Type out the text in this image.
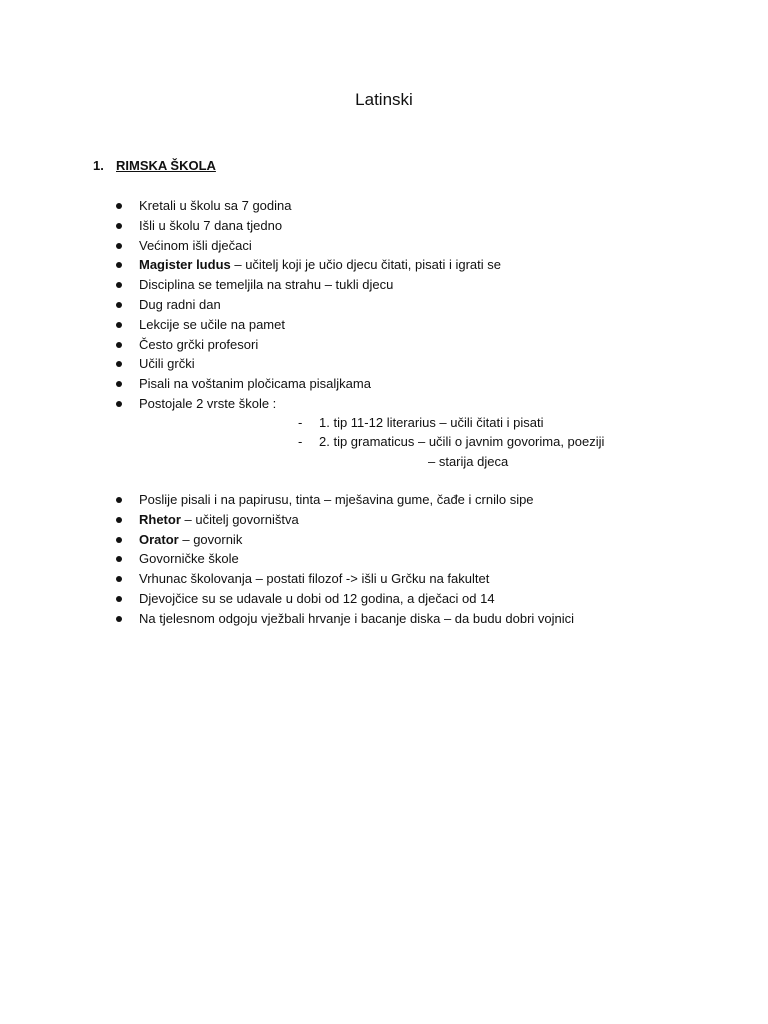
Latinski
1. RIMSKA ŠKOLA
Kretali u školu sa 7 godina
Išli u školu 7 dana tjedno
Većinom išli dječaci
Magister ludus – učitelj koji je učio djecu čitati, pisati i igrati se
Disciplina se temeljila na strahu – tukli djecu
Dug radni dan
Lekcije se učile na pamet
Često grčki profesori
Učili grčki
Pisali na voštanim pločicama pisaljkama
Postojale 2 vrste škole :
- 1. tip 11-12 literarius – učili čitati i pisati
- 2. tip gramaticus – učili o javnim govorima, poeziji
– starija djeca
Poslije pisali i na papirusu, tinta – mješavina gume, čađe i crnilo sipe
Rhetor – učitelj govorništva
Orator – govornik
Govorničke škole
Vrhunac školovanja – postati filozof -> išli u Grčku na fakultet
Djevojčice su se udavale u dobi od 12 godina, a dječaci od 14
Na tjelesnom odgoju vježbali hrvanje i bacanje diska – da budu dobri vojnici
